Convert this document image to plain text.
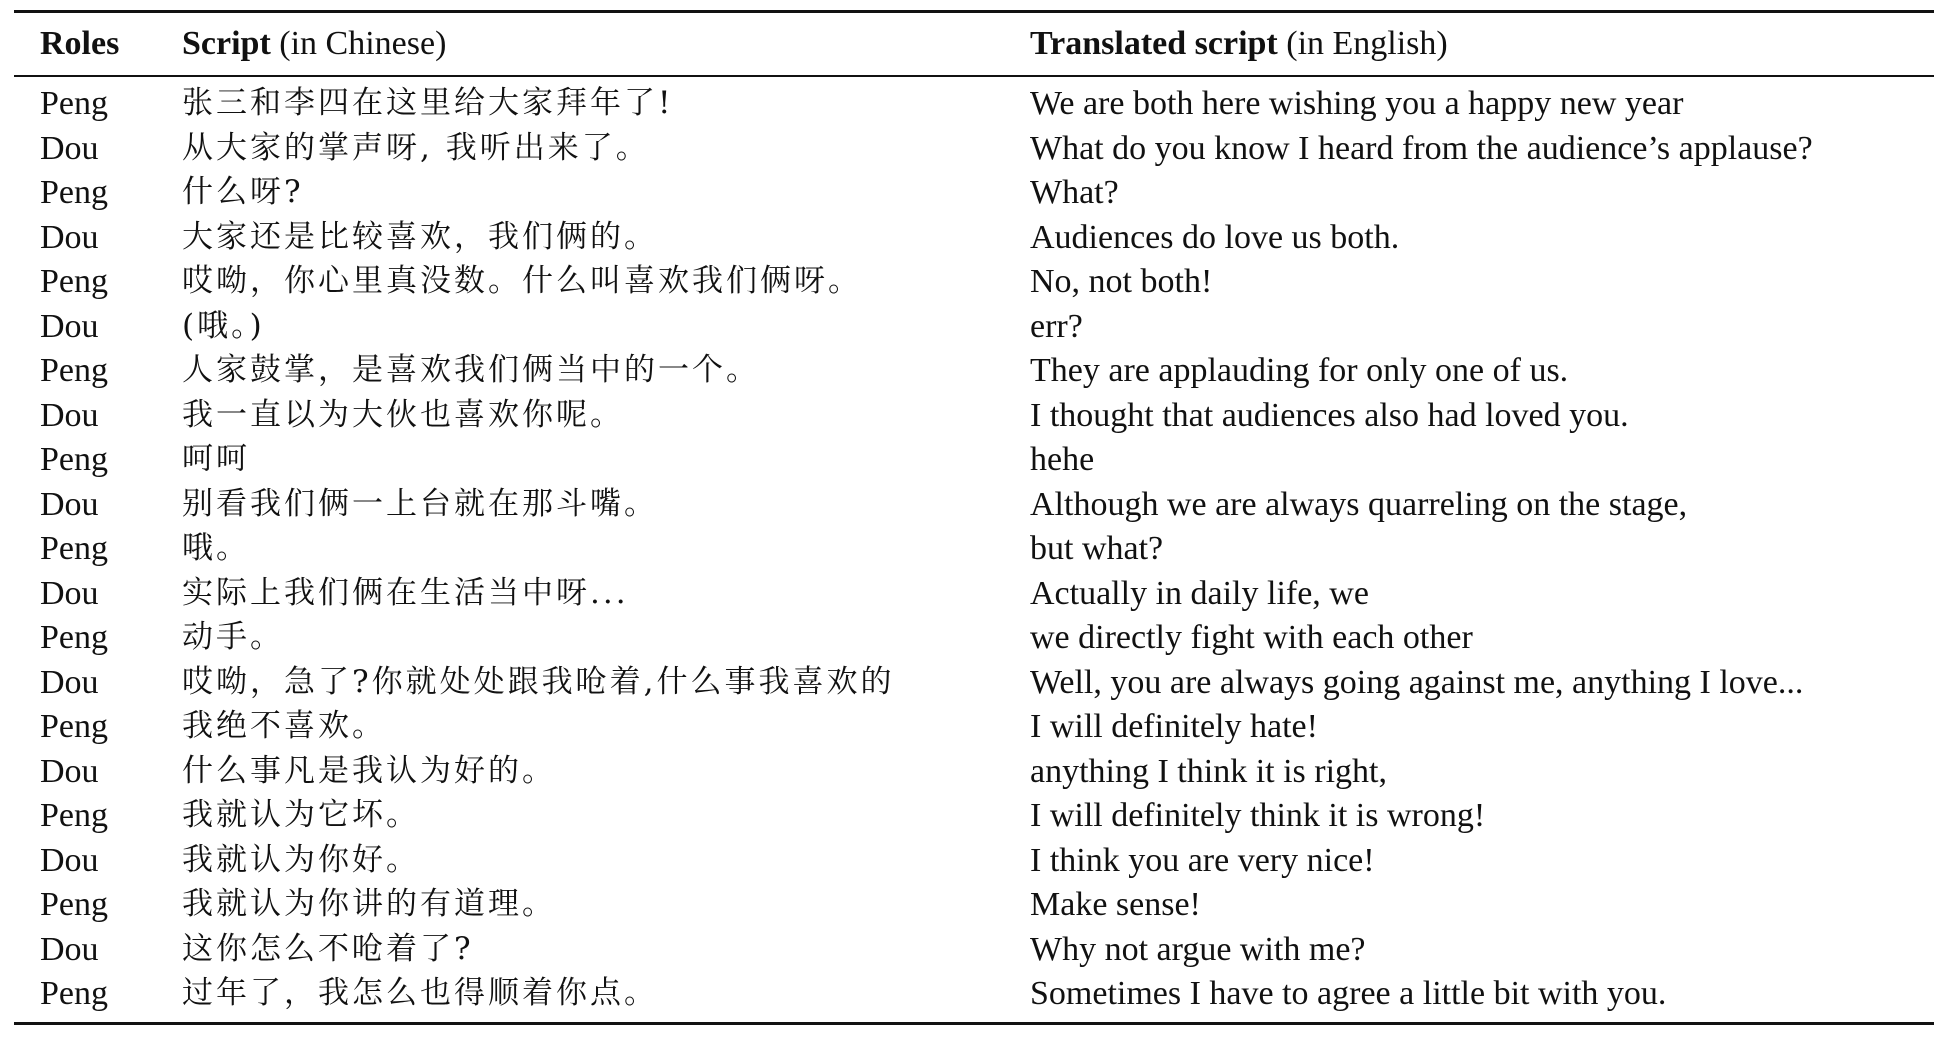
Roles Script (in Chinese)	Translated script (in English)
Peng 张三和李四在这里给大家拜年了!	We are both here wishing you a happy new year
Dou	从大家的掌声呀, 我听出来了。	What do you know I heard from the audience’s applause?
Peng 什么呀?	What?
Dou	大家还是比较喜欢，我们俩的。	Audiences do love us both.
Peng 哎呦，你心里真没数。什么叫喜欢我们俩呀。	No, not both!
Dou	(哦。)	err?
Peng 人家鼓掌，是喜欢我们俩当中的一个。	They are applauding for only one of us.
Dou	我一直以为大伙也喜欢你呢。	I thought that audiences also had loved you.
Peng 呵呵	hehe
Dou	别看我们俩一上台就在那斗嘴。	Although we are always quarreling on the stage,
Peng 哦。	but what?
Dou	实际上我们俩在生活当中呀...	Actually in daily life, we
Peng 动手。	we directly fight with each other
Dou	哎呦，急了?你就处处跟我呛着,什么事我喜欢的	Well, you are always going against me, anything I love...
Peng 我绝不喜欢。	I will definitely hate!
Dou	什么事凡是我认为好的。	anything I think it is right,
Peng 我就认为它坏。	I will definitely think it is wrong!
Dou	我就认为你好。	I think you are very nice!
Peng 我就认为你讲的有道理。	Make sense!
Dou	这你怎么不呛着了?	Why not argue with me?
Peng 过年了，我怎么也得顺着你点。	Sometimes I have to agree a little bit with you.
